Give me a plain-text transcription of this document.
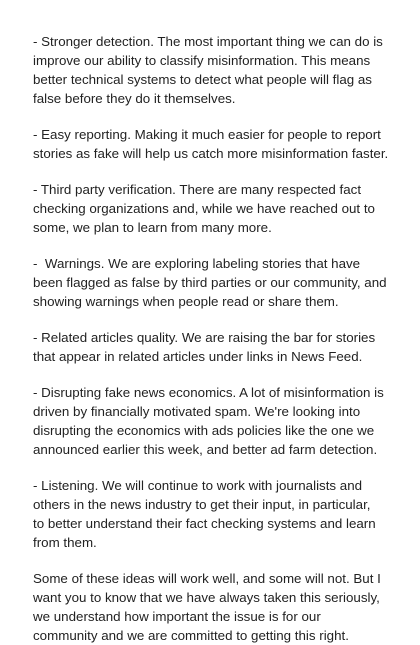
- Stronger detection. The most important thing we can do is
improve our ability to classify misinformation. This means
better technical systems to detect what people will flag as
false before they do it themselves.

- Easy reporting. Making it much easier for people to report
stories as fake will help us catch more misinformation faster.

- Third party verification. There are many respected fact
checking organizations and, while we have reached out to
some, we plan to learn from many more.

-  Warnings. We are exploring labeling stories that have
been flagged as false by third parties or our community, and
showing warnings when people read or share them.

- Related articles quality. We are raising the bar for stories
that appear in related articles under links in News Feed.

- Disrupting fake news economics. A lot of misinformation is
driven by financially motivated spam. We're looking into
disrupting the economics with ads policies like the one we
announced earlier this week, and better ad farm detection.

- Listening. We will continue to work with journalists and
others in the news industry to get their input, in particular,
to better understand their fact checking systems and learn
from them.

Some of these ideas will work well, and some will not. But I
want you to know that we have always taken this seriously,
we understand how important the issue is for our
community and we are committed to getting this right.
